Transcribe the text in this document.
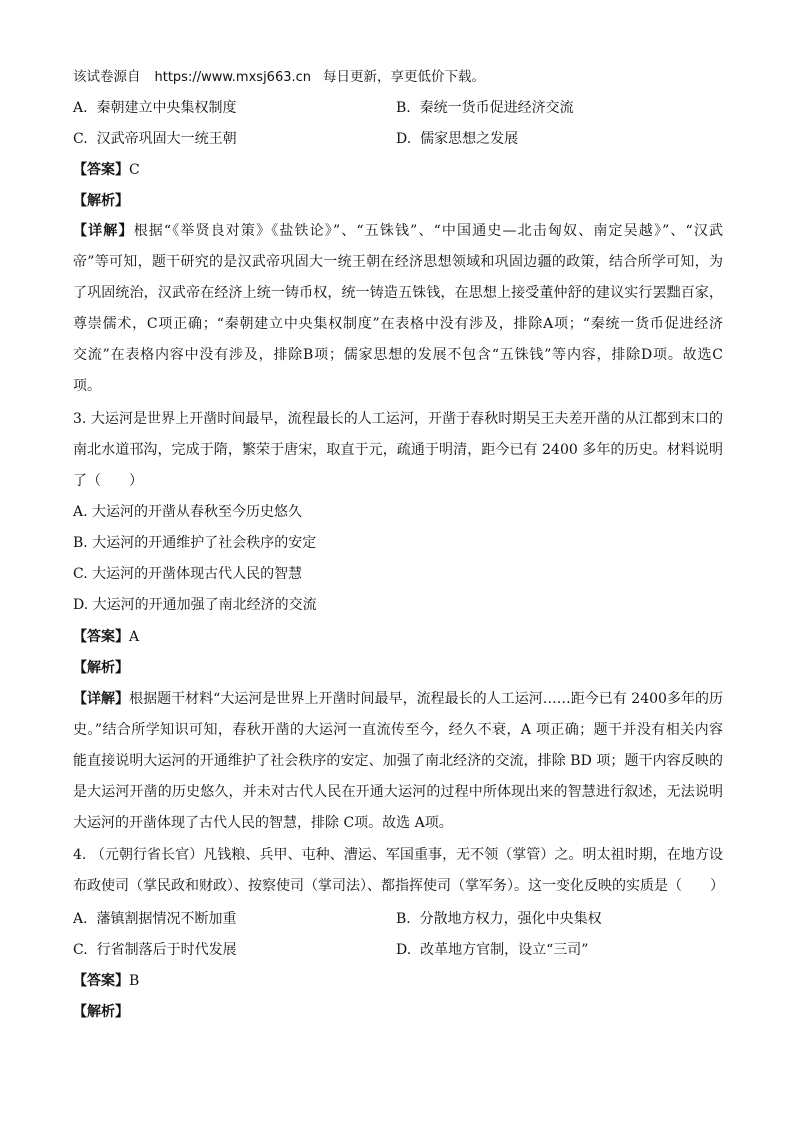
该试卷源自 https://www.mxsj663.cn 每日更新，享更低价下载。
A. 秦朝建立中央集权制度	B. 秦统一货币促进经济交流
C. 汉武帝巩固大一统王朝	D. 儒家思想之发展
【答案】C
【解析】
【详解】根据“《举贤良对策》《盐铁论》”、“五铢钱”、“中国通史—北击匈奴、南定吴越》”、“汉武
帝”等可知，题干研究的是汉武帝巩固大一统王朝在经济思想领域和巩固边疆的政策，结合所学可知，为
了巩固统治，汉武帝在经济上统一铸币权，统一铸造五铢钱，在思想上接受董仲舒的建议实行罢黜百家，
尊崇儒术，C项正确；“秦朝建立中央集权制度”在表格中没有涉及，排除A项；“秦统一货币促进经济
交流”在表格内容中没有涉及，排除B项；儒家思想的发展不包含“五铢钱”等内容，排除D项。故选C
项。
3. 大运河是世界上开凿时间最早，流程最长的人工运河，开凿于春秋时期吴王夫差开凿的从江都到末口的
南北水道邗沟，完成于隋，繁荣于唐宋，取直于元，疏通于明清，距今已有 2400 多年的历史。材料说明
了（　　）
A. 大运河的开凿从春秋至今历史悠久
B. 大运河的开通维护了社会秩序的安定
C. 大运河的开凿体现古代人民的智慧
D. 大运河的开通加强了南北经济的交流
【答案】A
【解析】
【详解】根据题干材料“大运河是世界上开凿时间最早，流程最长的人工运河……距今已有 2400多年的历
史。”结合所学知识可知，春秋开凿的大运河一直流传至今，经久不衰，A 项正确；题干并没有相关内容
能直接说明大运河的开通维护了社会秩序的安定、加强了南北经济的交流，排除 BD 项；题干内容反映的
是大运河开凿的历史悠久，并未对古代人民在开通大运河的过程中所体现出来的智慧进行叙述，无法说明
大运河的开凿体现了古代人民的智慧，排除 C项。故选 A项。
4. （元朝行省长官）凡钱粮、兵甲、屯种、漕运、军国重事，无不领（掌管）之。明太祖时期，在地方设
布政使司（掌民政和财政）、按察使司（掌司法）、都指挥使司（掌军务）。这一变化反映的实质是（　　）
A. 藩镇割据情况不断加重	B. 分散地方权力，强化中央集权
C. 行省制落后于时代发展	D. 改革地方官制，设立“三司”
【答案】B
【解析】
